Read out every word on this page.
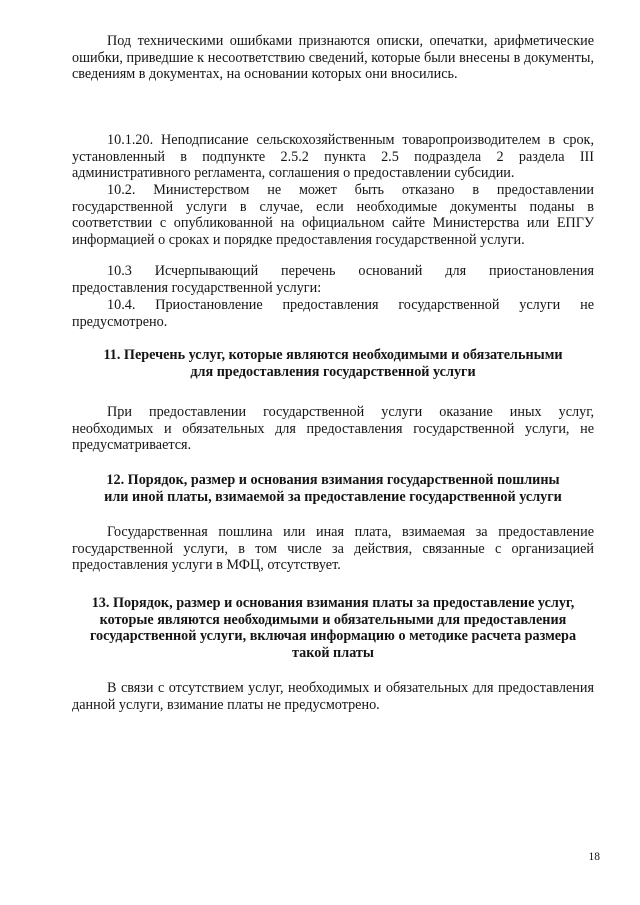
Под техническими ошибками признаются описки, опечатки, арифметические ошибки, приведшие к несоответствию сведений, которые были внесены в документы, сведениям в документах, на основании которых они вносились.

10.1.20. Неподписание сельскохозяйственным товаропроизводителем в срок, установленный в подпункте 2.5.2 пункта 2.5 подраздела 2 раздела III административного регламента, соглашения о предоставлении субсидии.

10.2. Министерством не может быть отказано в предоставлении государственной услуги в случае, если необходимые документы поданы в соответствии с опубликованной на официальном сайте Министерства или ЕПГУ информацией о сроках и порядке предоставления государственной услуги.

10.3 Исчерпывающий перечень оснований для приостановления предоставления государственной услуги:

10.4. Приостановление предоставления государственной услуги не предусмотрено.

11. Перечень услуг, которые являются необходимыми и обязательными
для предоставления государственной услуги

При предоставлении государственной услуги оказание иных услуг, необходимых и обязательных для предоставления государственной услуги, не предусматривается.

12. Порядок, размер и основания взимания государственной пошлины
или иной платы, взимаемой за предоставление государственной услуги

Государственная пошлина или иная плата, взимаемая за предоставление государственной услуги, в том числе за действия, связанные с организацией предоставления услуги в МФЦ, отсутствует.

13. Порядок, размер и основания взимания платы за предоставление услуг,
которые являются необходимыми и обязательными для предоставления
государственной услуги, включая информацию о методике расчета размера
такой платы

В связи с отсутствием услуг, необходимых и обязательных для предоставления данной услуги, взимание платы не предусмотрено.

18
